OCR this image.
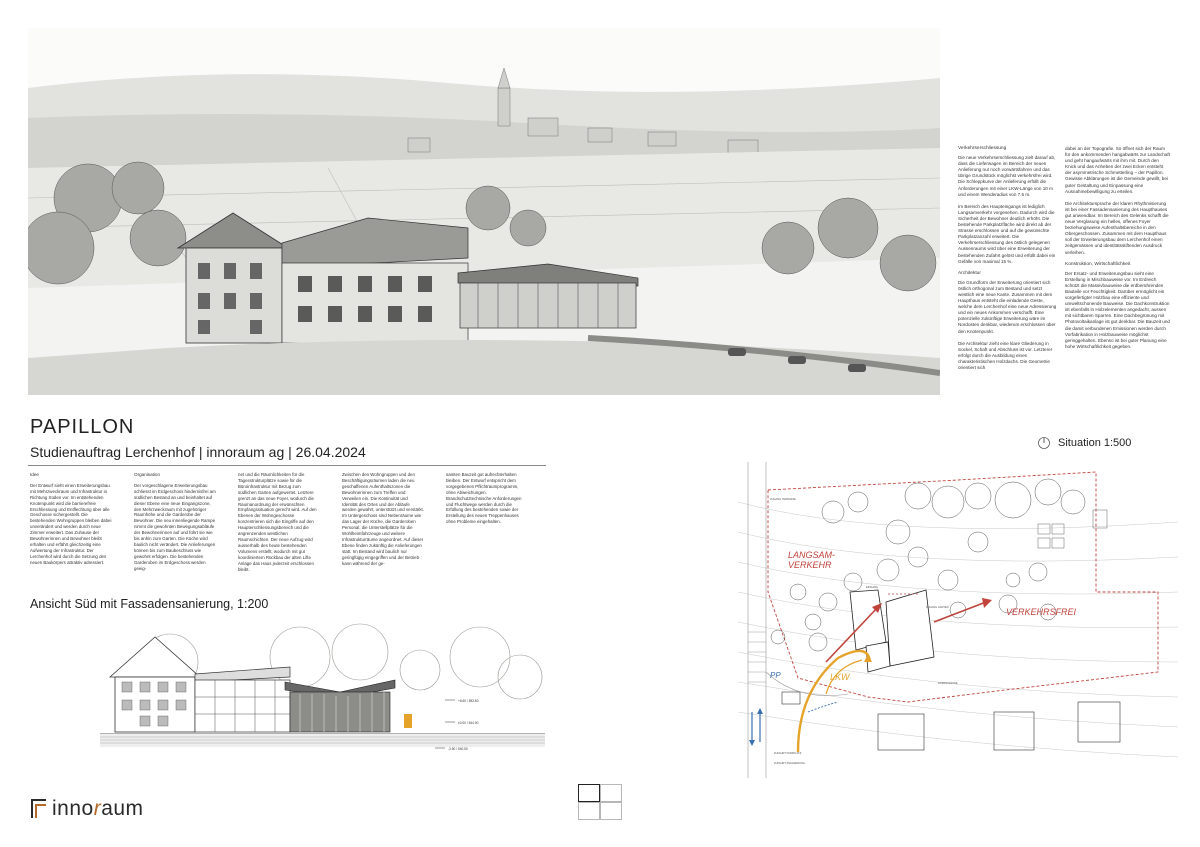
Verkehrserschliessung

Die neue Verkehrserschliessung zielt darauf ab, dass die Lieferwagen im Bereich der neuen Anlieferung nur noch vorwärtsfahren und das übrige Grundstück möglichst verkehrsfrei wird. Die Schleppkurve der Anlieferung erfüllt die Anforderungen mit einer LKW-Länge von 10 m und einem Wenderadius von 7.5 m.

Im Bereich des Haupteingangs ist lediglich Langsamverkehr vorgesehen. Dadurch wird die Sicherheit der Bewohner deutlich erhöht. Die bestehende Parkplatzfläche wird direkt ab der Strasse erschlossen und auf die gewünschte Parkplatzanzahl erweitert. Die Verkehrserschliessung des östlich gelegenen Aussenraums wird über eine Erweiterung der bestehenden Zufahrt gelöst und erfüllt dabei ein Gefälle von maximal 15 %.

Architektur

Die Grundform der Erweiterung orientiert sich östlich orthogonal zum Bestand und setzt westlich eine neue Kante. Zusammen mit dem Haupthaus entsteht die einladende Geste, welche dem Lerchenhof eine neue Adressierung und ein neues Ankommen verschafft. Eine potenzielle zukünftige Erweiterung wäre im Nordosten denkbar, wiederum erschlossen über den Knotenpunkt.

Die Architektur zieht eine klare Gliederung in Sockel, Schaft und Abschluss ist vor. Letzterer erfolgt durch die Ausbildung eines charakteristischen Holzdachs. Die Geometrie orientiert sich

dabei an der Topografie. So öffnet sich der Raum für den ankommenden hangabwärts zur Landschaft und geht hangaufwärts mit ihm mit. Durch den Knick und das Anheben der zwei Ecken entsteht der asymmetrische Schmetterling – der Papillon. Gewisse Abklärungen ist die Gemeinde gewillt, bei guter Gestaltung und Einpassung eine Ausnahmebewilligung zu erteilen.

Die Architektursprache der klaren Rhythmisierung ist bei einer Fassadensanierung des Haupthauses gut anwendbar. Im Bereich des Gelenks schafft die neue Verglasung ein helles, offenes Foyer beziehungsweise Aufenthaltsbereiche in den Obergeschossen. Zusammen mit dem Haupthaus soll der Erweiterungsbau dem Lerchenhof einen zeitgemässen und identitätsstiftenden Ausdruck verleihen.

Konstruktion, Wirtschaftlichkeit

Der Ersatz- und Erweiterungsbau sieht eine Erstellung in Mischbauweise vor. Im Erdreich schützt die Massivbauweise die erdberührenden Bauteile vor Feuchtigkeit. Darüber ermöglicht ein vorgefertigter Holzbau eine effiziente und umweltschonende Bauweise. Die Dachkonstruktion ist ebenfalls in Holzelementen angedacht, aussen mit sichtbaren Sparren. Eine Dachbegrünung mit Photovoltaikanlage ist gut denkbar. Die Bauzeit und die damit verbundenen Emissionen werden durch Vorfabrikation in Holzbauweise möglichst geringgehalten. Ebenso ist bei guter Planung eine hohe Wirtschaftlichkeit gegeben.

PAPILLON
Studienauftrag Lerchenhof | innoraum ag | 26.04.2024
Idee

Der Entwurf sieht einen Erweiterungsbau mit Mehrzweckraum und Infrastruktur in Richtung Süden vor. Im entstehenden Knotenpunkt wird die barrierefreie Erschliessung und Entflechtung über alle Geschosse sichergestellt. Die bestehenden Wohngruppen bleiben dabei unverändert und werden durch neue Zimmer erweitert. Das Zuhause der Bewohnerinnen und Bewohner bleibt erhalten und erfährt gleichzeitig eine Aufwertung der Infrastruktur. Der Lerchenhof wird durch die Setzung des neuen Baukörpers attraktiv adressiert.

Organisation

Der vorgeschlagene Erweiterungsbau schliesst im Erdgeschoss hindernisfrei am südlichen Bestand an und beinhaltet auf dieser Ebene eine neue Eingangszone, den Mehrzweckraum mit zugehöriger Raumhöhe und die Garderobe der Bewohner. Die neu innenliegende Rampe nimmt die gewohnten Bewegungsabläufe der Bewohnerinnen auf und führt sie wie bis anhin zum Garten. Die Küche wird baulich nicht verändert. Die Anlieferungen können bis zum Baubeschluss wie gewohnt erfolgen. Die bestehenden Garderoben im Erdgeschoss werden geeig-

net und die Räumlichkeiten für die Tagesstrukturplätze sowie für die Büroinfrastruktur mit Bezug zum südlichen Garten aufgewertet. Letztere grenzt an das neue Foyer, wodurch die Raumanordnung der erwünschten Empfangssituation gerecht wird. Auf den Ebenen der Wohngeschosse konzentrieren sich die Eingriffe auf den Haupterschliessungsbereich und die angrenzenden westlichen Raumschichten. Der neue Aufzug wird ausserhalb des heute bestehenden Volumens erstellt, wodurch mit gut koordiniertem Rückbau der alten Lifte Anlage das Haus jederzeit erschlossen bleibt.

Zwischen den Wohngruppen und den Beschäftigungsräumen laden die neu geschaffenen Aufenthaltszonen die Bewohnerinnen zum Treffen und Verweilen ein. Die Kontinuität und Identität des Ortes und der Abläufe werden gewahrt, unterstützt und verstärkt. Im Untergeschoss sind Nebenräume wie das Lager der Küche, die Garderoben Personal, die Unterstellplätze für die Wohlheimfahrzeuge und weitere Infrastrukturräume angeordnet. Auf dieser Ebene finden zukünftig die Anlieferungen statt. Im Bestand wird baulich nur geringfügig eingegriffen und der Betrieb kann während der ge-

samten Bauzeit gut aufrechterhalten bleiben. Der Entwurf entspricht dem vorgegebenen Pflichtraumprogramm, ohne Abweichungen. Brandschutztechnische Anforderungen und Fluchtwege werden durch die Erfüllung des bestehenden sowie der Erstellung des neuen Treppenhauses ohne Probleme eingehalten.

Ansicht Süd mit Fassadensanierung, 1:200
+8.60 / 552.60
±0.00 / 544.00
-3.50 / 540.50
Situation 1:500
LANGSAM-
VERKEHR
VERKEHRSFREI
LKW
PP
EINGANG
ZUGANG GARTEN
ZUFAHRT PARKPLATZ
ZUFAHRT ANLIEFERUNG
ZUGANG TERRASSE
DORFSTRASSE
innoraum
